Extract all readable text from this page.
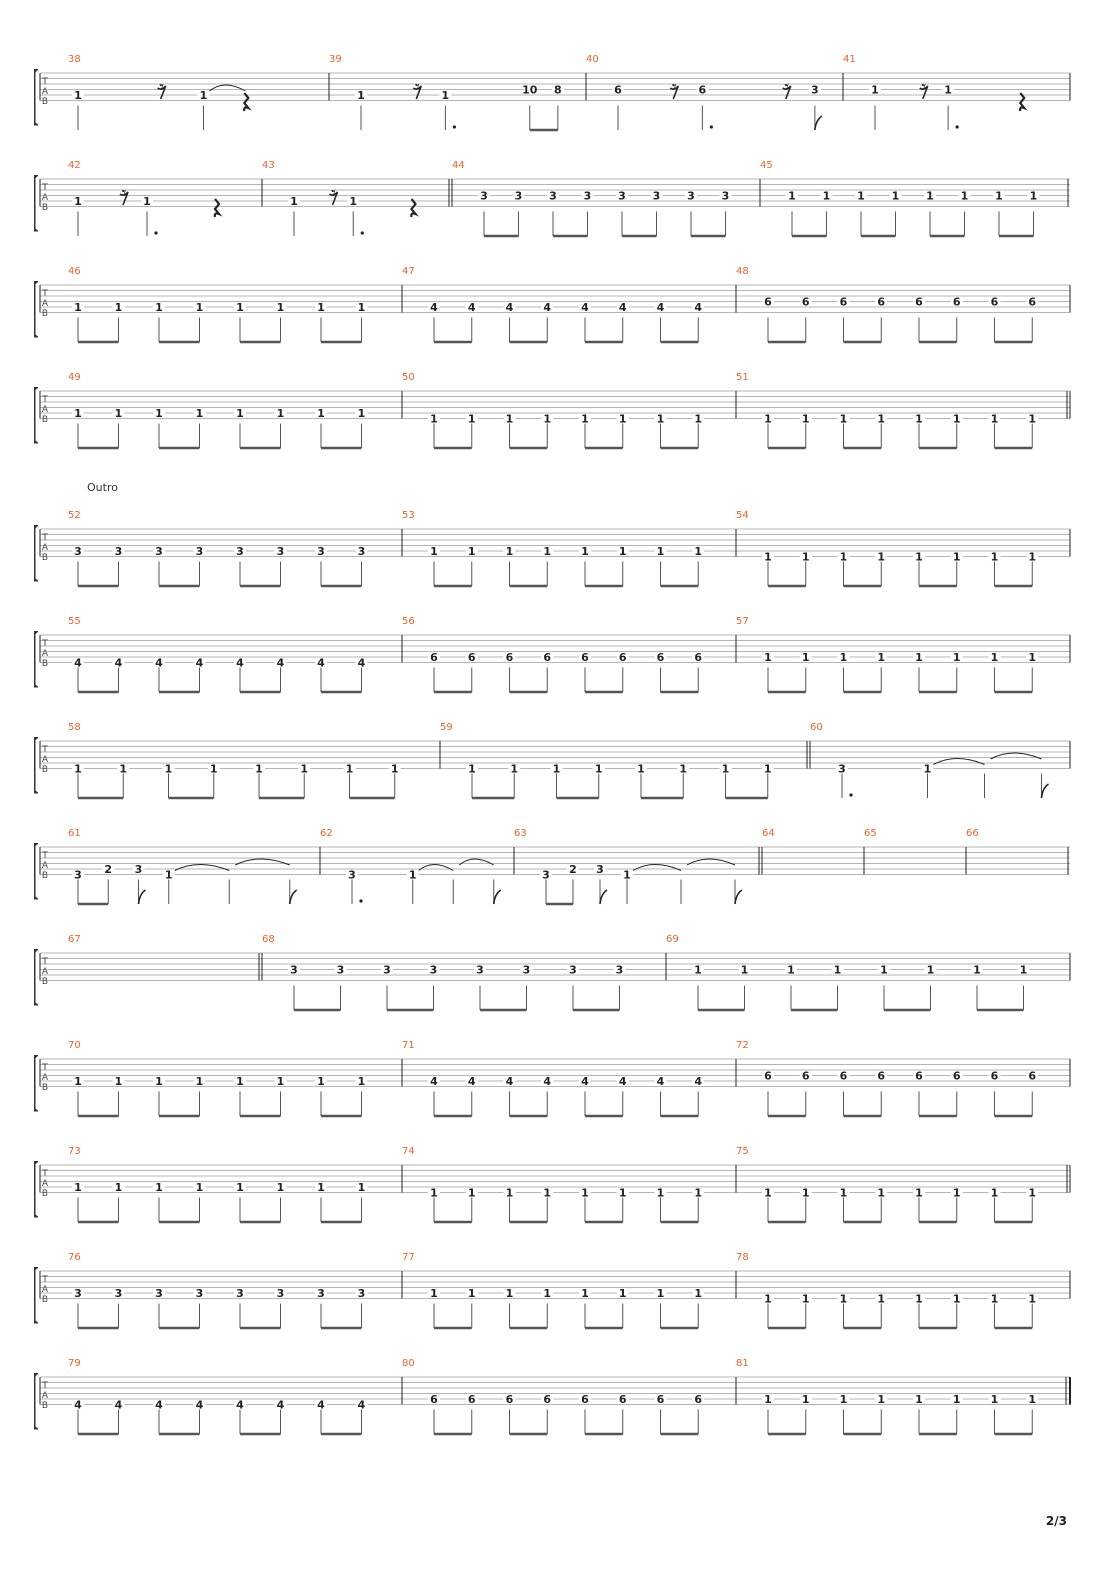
Outro
T
A
B
38
1	𝄾	1
39
1	𝄾 1	10 8
40
6	𝄾 6	𝄾 3
41
1 𝄾 1
T
A
B
42
1 𝄾 1
43
1 𝄾 1
44
3 3 3 3 3 3 3 3
45
1 1 1 1 1 1 1 1
T
A
B
46
1	1	1	1	1	1	1	1
47
4	4	4	4	4	4	4	4
48
6	6	6	6	6	6	6	6
T
A
B
49
1	1	1	1	1	1	1	1
50
1	1	1	1	1	1	1	1
51
1	1	1	1	1	1	1	1
T
A
B
52
3	3	3	3	3	3	3	3
53
1	1	1	1	1	1	1	1
54
1	1	1	1	1	1	1	1
T
A
B
55
4	4	4	4	4	4	4	4
56
6	6	6	6	6	6	6	6
57
1	1	1	1	1	1	1	1
T
A
B
58
1	1	1	1	1	1	1	1
59
1	1	1	1	1	1	1	1
60
3	1
T
A
B
61
3 2 3 1
62
3	1
63
3 2 3 1
64	65	66
T
A
B
67	68
3	3	3	3	3	3	3	3
69
1	1	1	1	1	1	1	1
T
A
B
70
1	1	1	1	1	1	1	1
71
4	4	4	4	4	4	4	4
72
6	6	6	6	6	6	6	6
T
A
B
73
1	1	1	1	1	1	1	1
74
1	1	1	1	1	1	1	1
75
1	1	1	1	1	1	1	1
T
A
B
76
3	3	3	3	3	3	3	3
77
1	1	1	1	1	1	1	1
78
1	1	1	1	1	1	1	1
T
A
B
79
4	4	4	4	4	4	4	4
80
6	6	6	6	6	6	6	6
81
1	1	1	1	1	1	1	1
2/3
